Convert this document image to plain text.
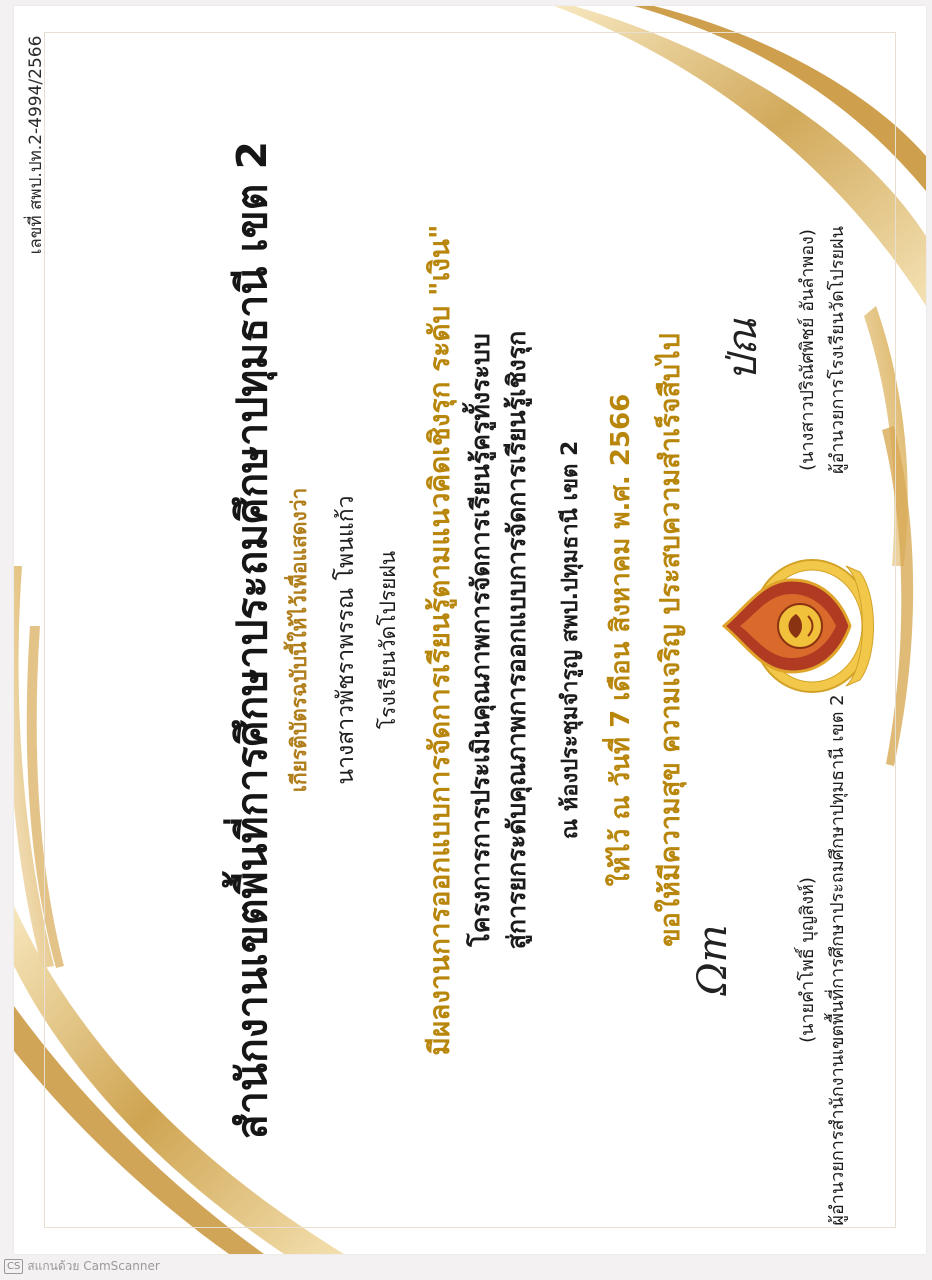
เลขที่ สพป.ปท.2-4994/2566	สำนักงานเขตพื้นที่การศึกษาประถมศึกษาปทุมธานี เขต 2 เกียรติบัตรฉบับนี้ให้ไว้เพื่อแสดงว่า นางสาวพัชราพรรณ โพนแก้ว โรงเรียนวัดโปรยฝน มีผลงานการออกแบบการจัดการเรียนรู้ตามแนวคิดเชิงรุก ระดับ "เงิน"
โครงการการประเมินคุณภาพการจัดการเรียนรู้ครูทั้งระบบ สู่การยกระดับคุณภาพการออกแบบการจัดการเรียนรู้เชิงรุก ณ ห้องประชุมจำรูญ สพป.ปทุมธานี เขต 2 ให้ไว้ ณ วันที่ 7 เดือน สิงหาคม พ.ศ. 2566 ขอให้มีความสุข ความเจริญ ประสบความสำเร็จสืบไป
Ωm	(นายคำโพธิ์ บุญสิงห์) ผู้อำนวยการสำนักงานเขตพื้นที่การศึกษาประถมศึกษาปทุมธานี เขต 2
ป่ณ	(นางสาวปริณัศพิชย์ อันลำพอง) ผู้อำนวยการโรงเรียนวัดโปรยฝน
CS สแกนด้วย CamScanner
